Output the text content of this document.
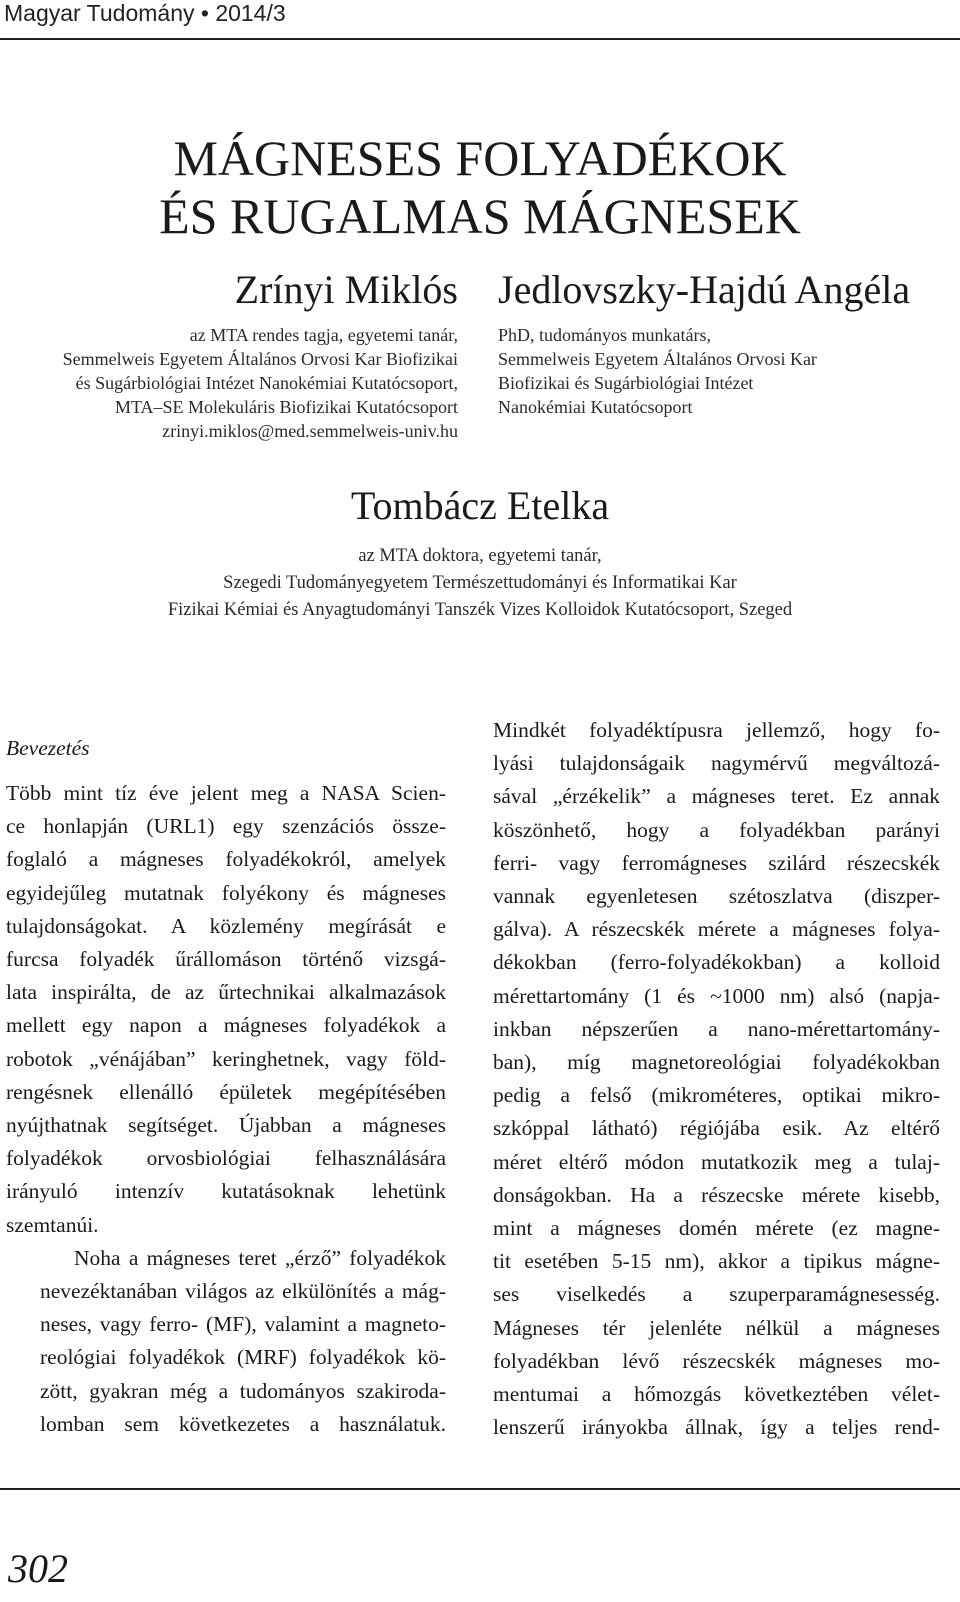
Magyar Tudomány • 2014/3
MÁGNESES FOLYADÉKOK
ÉS RUGALMAS MÁGNESEK
Zrínyi Miklós
az MTA rendes tagja, egyetemi tanár,
Semmelweis Egyetem Általános Orvosi Kar Biofizikai
és Sugárbiológiai Intézet Nanokémiai Kutatócsoport,
MTA–SE Molekuláris Biofizikai Kutatócsoport
zrinyi.miklos@med.semmelweis-univ.hu
Jedlovszky-Hajdú Angéla
PhD, tudományos munkatárs,
Semmelweis Egyetem Általános Orvosi Kar
Biofizikai és Sugárbiológiai Intézet
Nanokémiai Kutatócsoport
Tombácz Etelka
az MTA doktora, egyetemi tanár,
Szegedi Tudományegyetem Természettudományi és Informatikai Kar
Fizikai Kémiai és Anyagtudományi Tanszék Vizes Kolloidok Kutatócsoport, Szeged
Bevezetés

Több mint tíz éve jelent meg a NASA Scien-
ce honlapján (URL1) egy szenzációs össze-
foglaló a mágneses folyadékokról, amelyek
egyidejűleg mutatnak folyékony és mágneses
tulajdonságokat. A közlemény megírását e
furcsa folyadék űrállomáson történő vizsgá-
lata inspirálta, de az űrtechnikai alkalmazások
mellett egy napon a mágneses folyadékok a
robotok „vénájában” keringhetnek, vagy föld-
rengésnek ellenálló épületek megépítésében
nyújthatnak segítséget. Újabban a mágneses
folyadékok orvosbiológiai felhasználására
irányuló intenzív kutatásoknak lehetünk
szemtanúi.

Noha a mágneses teret „érző” folyadékok
nevezéktanában világos az elkülönítés a mág-
neses, vagy ferro- (MF), valamint a magneto-
reológiai folyadékok (MRF) folyadékok kö-
zött, gyakran még a tudományos szakiroda-
lomban sem következetes a használatuk.

Mindkét folyadéktípusra jellemző, hogy fo-
lyási tulajdonságaik nagymérvű megváltozá-
sával „érzékelik” a mágneses teret. Ez annak
köszönhető, hogy a folyadékban parányi
ferri- vagy ferromágneses szilárd részecskék
vannak egyenletesen szétoszlatva (diszper-
gálva). A részecskék mérete a mágneses folya-
dékokban (ferro-folyadékokban) a kolloid
mérettartomány (1 és ~1000 nm) alsó (napja-
inkban népszerűen a nano-mérettartomány-
ban), míg magnetoreológiai folyadékokban
pedig a felső (mikrométeres, optikai mikro-
szkóppal látható) régiójába esik. Az eltérő
méret eltérő módon mutatkozik meg a tulaj-
donságokban. Ha a részecske mérete kisebb,
mint a mágneses domén mérete (ez magne-
tit esetében 5-15 nm), akkor a tipikus mágne-
ses viselkedés a szuperparamágnesesség.
Mágneses tér jelenléte nélkül a mágneses
folyadékban lévő részecskék mágneses mo-
mentumai a hőmozgás következtében vélet-
lenszerű irányokba állnak, így a teljes rend-

302
